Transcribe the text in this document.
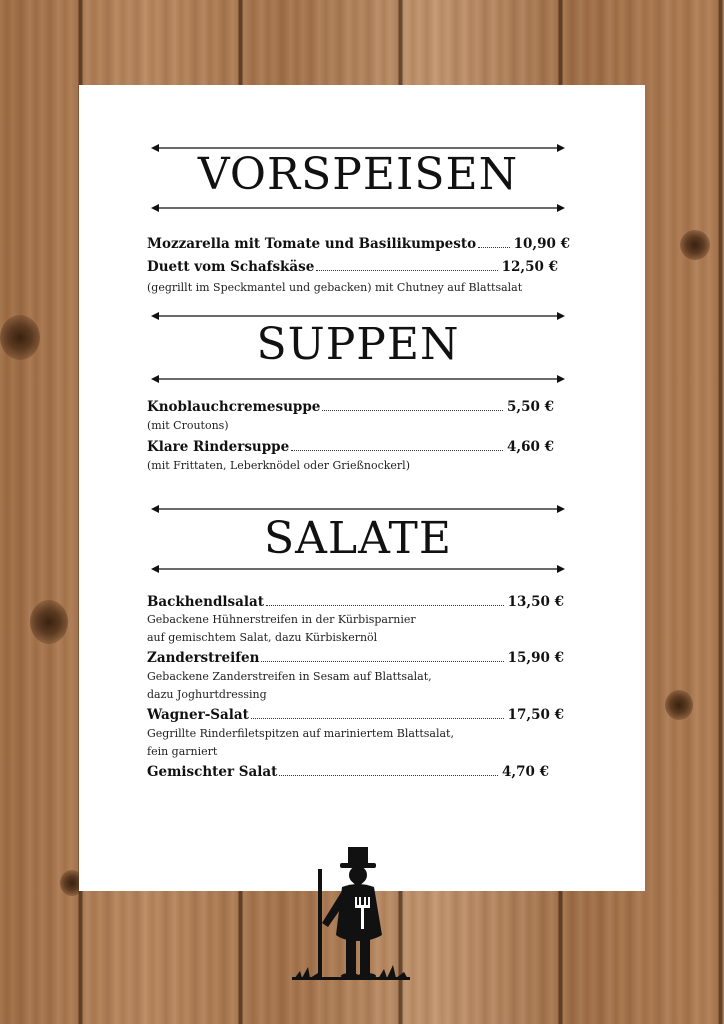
VORSPEISEN
Mozzarella mit Tomate und Basilikumpesto	10,90 €
Duett vom Schafskäse	12,50 €
(gegrillt im Speckmantel und gebacken) mit Chutney auf Blattsalat
SUPPEN
Knoblauchcremesuppe	5,50 €
(mit Croutons)
Klare Rindersuppe	4,60 €
(mit Frittaten, Leberknödel oder Grießnockerl)
SALATE
Backhendlsalat	13,50 €
Gebackene Hühnerstreifen in der Kürbisparnier
auf gemischtem Salat, dazu Kürbiskernöl
Zanderstreifen	15,90 €
Gebackene Zanderstreifen in Sesam auf Blattsalat,
dazu Joghurtdressing
Wagner-Salat	17,50 €
Gegrillte Rinderfiletspitzen auf mariniertem Blattsalat,
fein garniert
Gemischter Salat	4,70 €
